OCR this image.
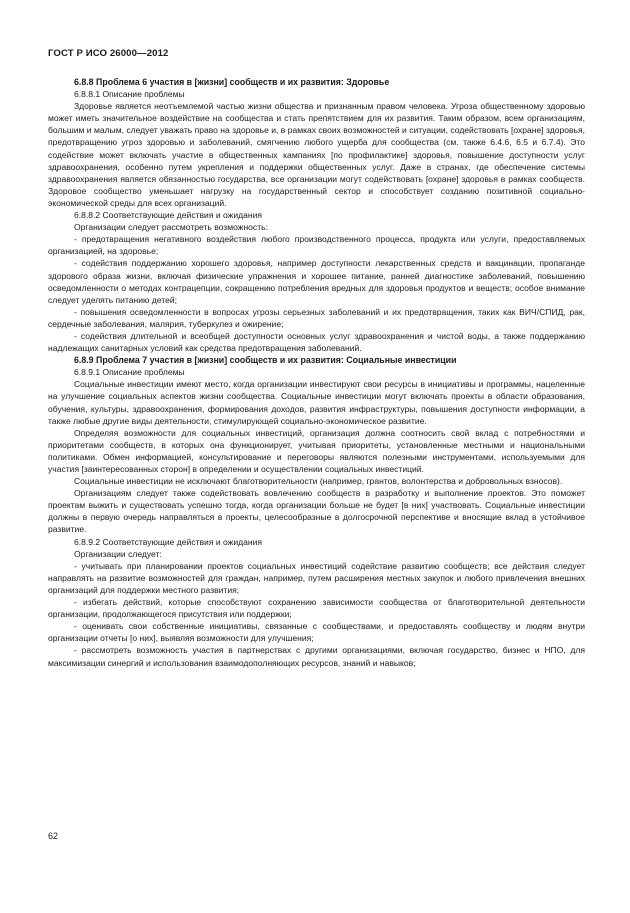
ГОСТ Р ИСО 26000—2012

6.8.8 Проблема 6 участия в [жизни] сообществ и их развития: Здоровье

6.8.8.1 Описание проблемы

Здоровье является неотъемлемой частью жизни общества и признанным правом человека. Угроза общественному здоровью может иметь значительное воздействие на сообщества и стать препятствием для их развития. Таким образом, всем организациям, большим и малым, следует уважать право на здоровье и, в рамках своих возможностей и ситуации, содействовать [охране] здоровья, предотвращению угроз здоровью и заболеваний, смягчению любого ущерба для сообщества (см. также 6.4.6, 6.5 и 6.7.4). Это содействие может включать участие в общественных кампаниях [по профилактике] здоровья, повышение доступности услуг здравоохранения, особенно путем укрепления и поддержки общественных услуг. Даже в странах, где обеспечение системы здравоохранения является обязанностью государства, все организации могут содействовать [охране] здоровья в рамках сообществ. Здоровое сообщество уменьшает нагрузку на государственный сектор и способствует созданию позитивной социально-экономической среды для всех организаций.

6.8.8.2 Соответствующие действия и ожидания

Организации следует рассмотреть возможность:

- предотвращения негативного воздействия любого производственного процесса, продукта или услуги, предоставляемых организацией, на здоровье;

- содействия поддержанию хорошего здоровья, например доступности лекарственных средств и вакцинации, пропаганде здорового образа жизни, включая физические упражнения и хорошее питание, ранней диагностике заболеваний, повышению осведомленности о методах контрацепции, сокращению потребления вредных для здоровья продуктов и веществ; особое внимание следует уделять питанию детей;

- повышения осведомленности в вопросах угрозы серьезных заболеваний и их предотвращения, таких как ВИЧ/СПИД, рак, сердечные заболевания, малярия, туберкулез и ожирение;

- содействия длительной и всеобщей доступности основных услуг здравоохранения и чистой воды, а также поддержанию надлежащих санитарных условий как средства предотвращения заболеваний.

6.8.9 Проблема 7 участия в [жизни] сообществ и их развития: Социальные инвестиции

6.8.9.1 Описание проблемы

Социальные инвестиции имеют место, когда организации инвестируют свои ресурсы в инициативы и программы, нацеленные на улучшение социальных аспектов жизни сообщества. Социальные инвестиции могут включать проекты в области образования, обучения, культуры, здравоохранения, формирования доходов, развития инфраструктуры, повышения доступности информации, а также любые другие виды деятельности, стимулирующей социально-экономическое развитие.

Определяя возможности для социальных инвестиций, организация должна соотносить свой вклад с потребностями и приоритетами сообществ, в которых она функционирует, учитывая приоритеты, установленные местными и национальными политиками. Обмен информацией, консультирование и переговоры являются полезными инструментами, используемыми для участия [заинтересованных сторон] в определении и осуществлении социальных инвестиций.

Социальные инвестиции не исключают благотворительности (например, грантов, волонтерства и добровольных взносов).

Организациям следует также содействовать вовлечению сообществ в разработку и выполнение проектов. Это поможет проектам выжить и существовать успешно тогда, когда организации больше не будет [в них] участвовать. Социальные инвестиции должны в первую очередь направляться в проекты, целесообразные в долгосрочной перспективе и вносящие вклад в устойчивое развитие.

6.8.9.2 Соответствующие действия и ожидания

Организации следует:

- учитывать при планировании проектов социальных инвестиций содействие развитию сообществ; все действия следует направлять на развитие возможностей для граждан, например, путем расширения местных закупок и любого привлечения внешних организаций для поддержки местного развития;

- избегать действий, которые способствуют сохранению зависимости сообщества от благотворительной деятельности организации, продолжающегося присутствия или поддержки;

- оценивать свои собственные инициативы, связанные с сообществами, и предоставлять сообществу и людям внутри организации отчеты [о них], выявляя возможности для улучшения;

- рассмотреть возможность участия в партнерствах с другими организациями, включая государство, бизнес и НПО, для максимизации синергий и использования взаимодополняющих ресурсов, знаний и навыков;

62
